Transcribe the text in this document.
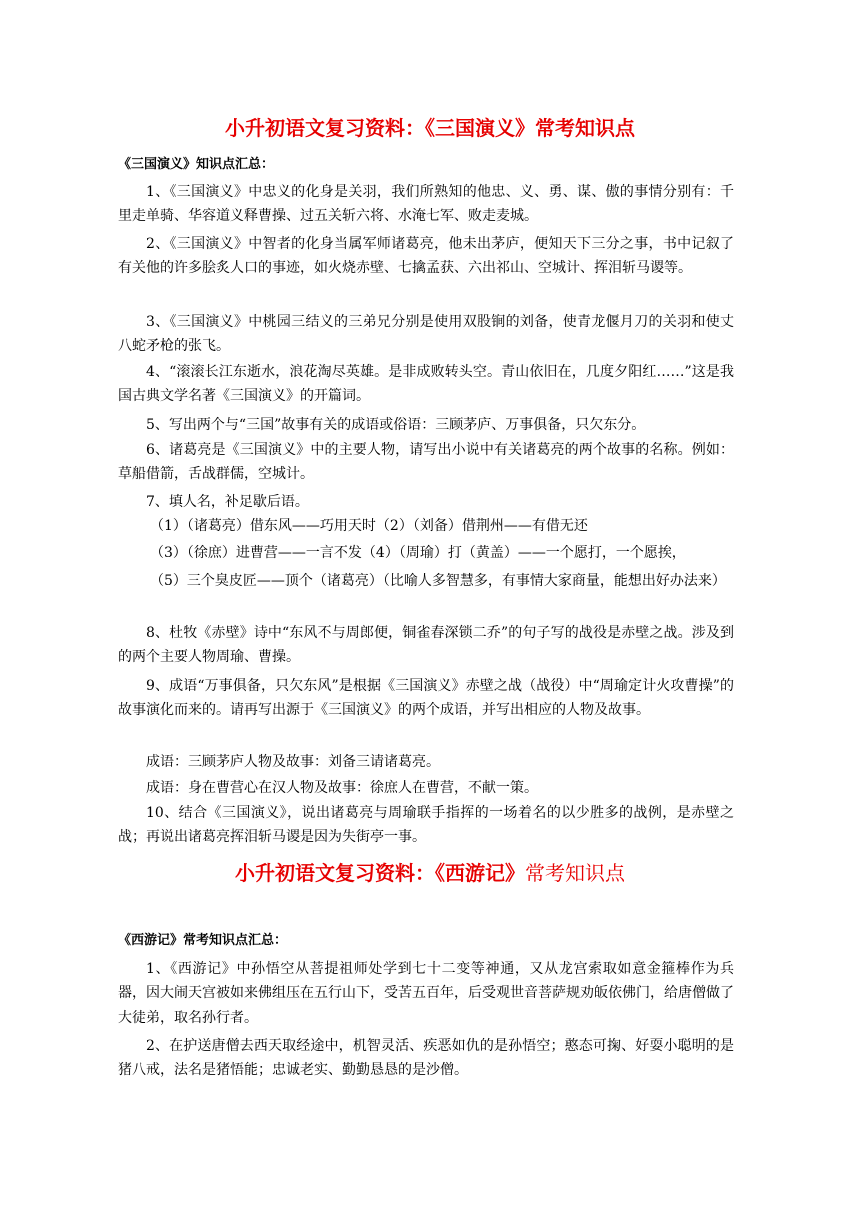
小升初语文复习资料：《三国演义》常考知识点
《三国演义》知识点汇总：
1、《三国演义》中忠义的化身是关羽，我们所熟知的他忠、义、勇、谋、傲的事情分别有：千里走单骑、华容道义释曹操、过五关斩六将、水淹七军、败走麦城。
2、《三国演义》中智者的化身当属军师诸葛亮，他未出茅庐，便知天下三分之事，书中记叙了有关他的许多脍炙人口的事迹，如火烧赤壁、七擒孟获、六出祁山、空城计、挥泪斩马谡等。
3、《三国演义》中桃园三结义的三弟兄分别是使用双股锏的刘备，使青龙偃月刀的关羽和使丈八蛇矛枪的张飞。
4、“滚滚长江东逝水，浪花淘尽英雄。是非成败转头空。青山依旧在，几度夕阳红……”这是我国古典文学名著《三国演义》的开篇词。
5、写出两个与“三国”故事有关的成语或俗语：三顾茅庐、万事俱备，只欠东分。
6、诸葛亮是《三国演义》中的主要人物，请写出小说中有关诸葛亮的两个故事的名称。例如：草船借箭，舌战群儒，空城计。
7、填人名，补足歇后语。
（1）（诸葛亮）借东风——巧用天时（2）（刘备）借荆州——有借无还
（3）（徐庶）进曹营——一言不发（4）（周瑜）打（黄盖）——一个愿打，一个愿挨，
（5）三个臭皮匠——顶个（诸葛亮）（比喻人多智慧多，有事情大家商量，能想出好办法来）
8、杜牧《赤壁》诗中“东风不与周郎便，铜雀春深锁二乔”的句子写的战役是赤壁之战。涉及到的两个主要人物周瑜、曹操。
9、成语“万事俱备，只欠东风”是根据《三国演义》赤壁之战（战役）中“周瑜定计火攻曹操”的故事演化而来的。请再写出源于《三国演义》的两个成语，并写出相应的人物及故事。
成语：三顾茅庐人物及故事：刘备三请诸葛亮。
成语：身在曹营心在汉人物及故事：徐庶人在曹营，不献一策。
10、结合《三国演义》，说出诸葛亮与周瑜联手指挥的一场着名的以少胜多的战例，是赤壁之战；再说出诸葛亮挥泪斩马谡是因为失街亭一事。
小升初语文复习资料：《西游记》常考知识点
《西游记》常考知识点汇总：
1、《西游记》中孙悟空从菩提祖师处学到七十二变等神通，又从龙宫索取如意金箍棒作为兵器，因大闹天宫被如来佛组压在五行山下，受苦五百年，后受观世音菩萨规劝皈依佛门，给唐僧做了大徒弟，取名孙行者。
2、在护送唐僧去西天取经途中，机智灵活、疾恶如仇的是孙悟空；憨态可掬、好耍小聪明的是猪八戒，法名是猪悟能；忠诚老实、勤勤恳恳的是沙僧。
